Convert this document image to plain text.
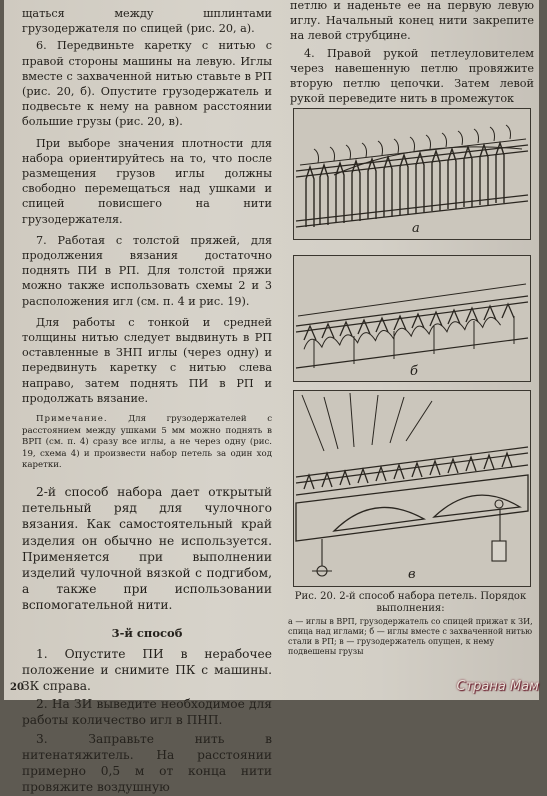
щаться между шплинтами грузодержателя по спицей (рис. 20, а).

6. Передвиньте каретку с нитью с правой стороны машины на левую. Иглы вместе с захваченной нитью ставьте в РП (рис. 20, б). Опустите грузодержатель и подвесьте к нему на равном расстоянии большие грузы (рис. 20, в).

При выборе значения плотности для набора ориентируйтесь на то, что после размещения грузов иглы должны свободно перемещаться над ушками и спицей повисшего на нити грузодержателя.

7. Работая с толстой пряжей, для продолжения вязания достаточно поднять ПИ в РП. Для толстой пряжи можно также использовать схемы 2 и 3 расположения игл (см. п. 4 и рис. 19).

Для работы с тонкой и средней толщины нитью следует выдвинуть в РП оставленные в ЗНП иглы (через одну) и передвинуть каретку с нитью слева направо, затем поднять ПИ в РП и продолжать вязание.

Примечание. Для грузодержателей с расстоянием между ушками 5 мм можно поднять в ВРП (см. п. 4) сразу все иглы, а не через одну (рис. 19, схема 4) и произвести набор петель за один ход каретки.

2-й способ набора дает открытый петельный ряд для чулочного вязания. Как самостоятельный край изделия он обычно не используется. Применяется при выполнении изделий чулочной вязкой с подгибом, а также при использовании вспомогательной нити.

3-й способ

1. Опустите ПИ в нерабочее положение и снимите ПК с машины. ЗК справа.

2. На ЗИ выведите необходимое для работы количество игл в ПНП.

3. Заправьте нить в нитенатяжитель. На расстоянии примерно 0,5 м от конца нити провяжите воздушную

петлю и наденьте ее на первую левую иглу. Начальный конец нити закрепите на левой струбцине.

4. Правой рукой петлеуловителем через навешенную петлю провяжите вторую петлю цепочки. Затем левой рукой переведите нить в промежуток

а
б
в
Рис. 20. 2-й способ набора петель. Порядок выполнения:
а — иглы в ВРП, грузодержатель со спицей прижат к ЗИ, спица над иглами; б — иглы вместе с захваченной нитью стали в РП; в — грузодержатель опущен, к нему подвешены грузы
20	Страна Мам
